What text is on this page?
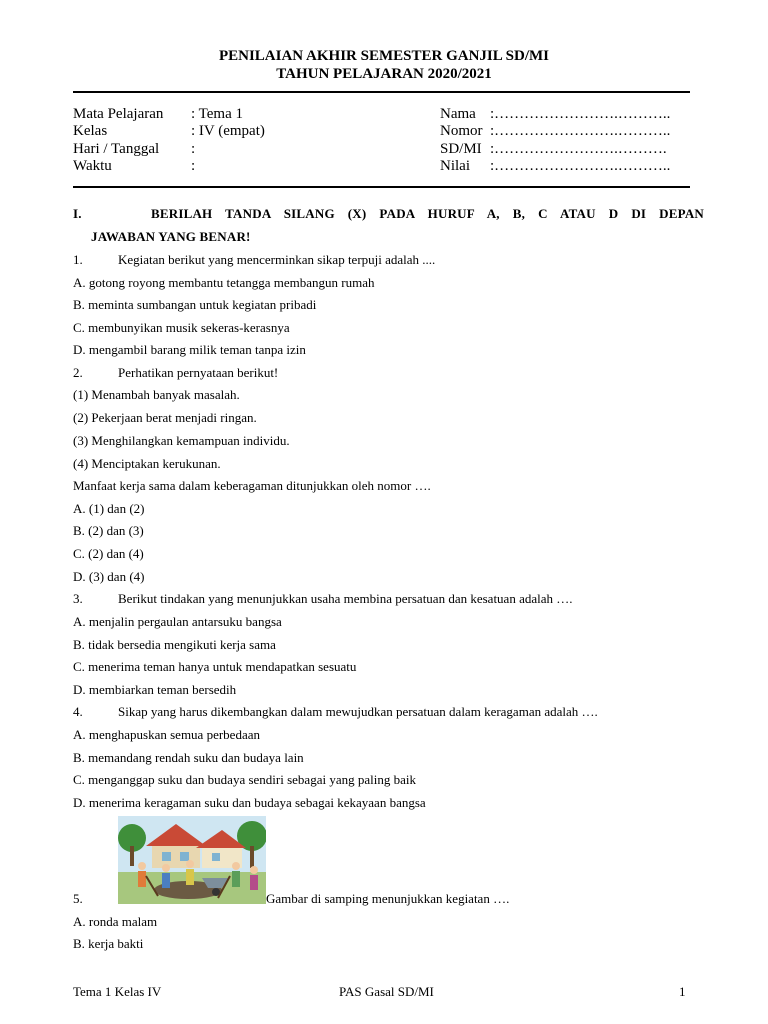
PENILAIAN AKHIR SEMESTER GANJIL SD/MI
TAHUN PELAJARAN 2020/2021
Mata Pelajaran : Tema 1
Kelas	: IV (empat)
Hari / Tanggal :
Waktu	:
Nama :…………………….………..
Nomor :…………………….………..
SD/MI :…………………….……….
Nilai :…………………….………..
I.	BERILAH TANDA SILANG (X) PADA HURUF A, B, C ATAU D DI DEPAN
JAWABAN YANG BENAR!
1.	Kegiatan berikut yang mencerminkan sikap terpuji adalah ....
A. gotong royong membantu tetangga membangun rumah
B. meminta sumbangan untuk kegiatan pribadi
C. membunyikan musik sekeras-kerasnya
D. mengambil barang milik teman tanpa izin
2.	Perhatikan pernyataan berikut!
(1) Menambah banyak masalah.
(2) Pekerjaan berat menjadi ringan.
(3) Menghilangkan kemampuan individu.
(4) Menciptakan kerukunan.
Manfaat kerja sama dalam keberagaman ditunjukkan oleh nomor ….
A. (1) dan (2)
B. (2) dan (3)
C. (2) dan (4)
D. (3) dan (4)
3.	Berikut tindakan yang menunjukkan usaha membina persatuan dan kesatuan adalah ….
A. menjalin pergaulan antarsuku bangsa
B. tidak bersedia mengikuti kerja sama
C. menerima teman hanya untuk mendapatkan sesuatu
D. membiarkan teman bersedih
4.	Sikap yang harus dikembangkan dalam mewujudkan persatuan dalam keragaman adalah ….
A. menghapuskan semua perbedaan
B. memandang rendah suku dan budaya lain
C. menganggap suku dan budaya sendiri sebagai yang paling baik
D. menerima keragaman suku dan budaya sebagai kekayaan bangsa
5.	Gambar di samping menunjukkan kegiatan ….
A. ronda malam
B. kerja bakti
Tema 1 Kelas IV	PAS Gasal SD/MI	1
